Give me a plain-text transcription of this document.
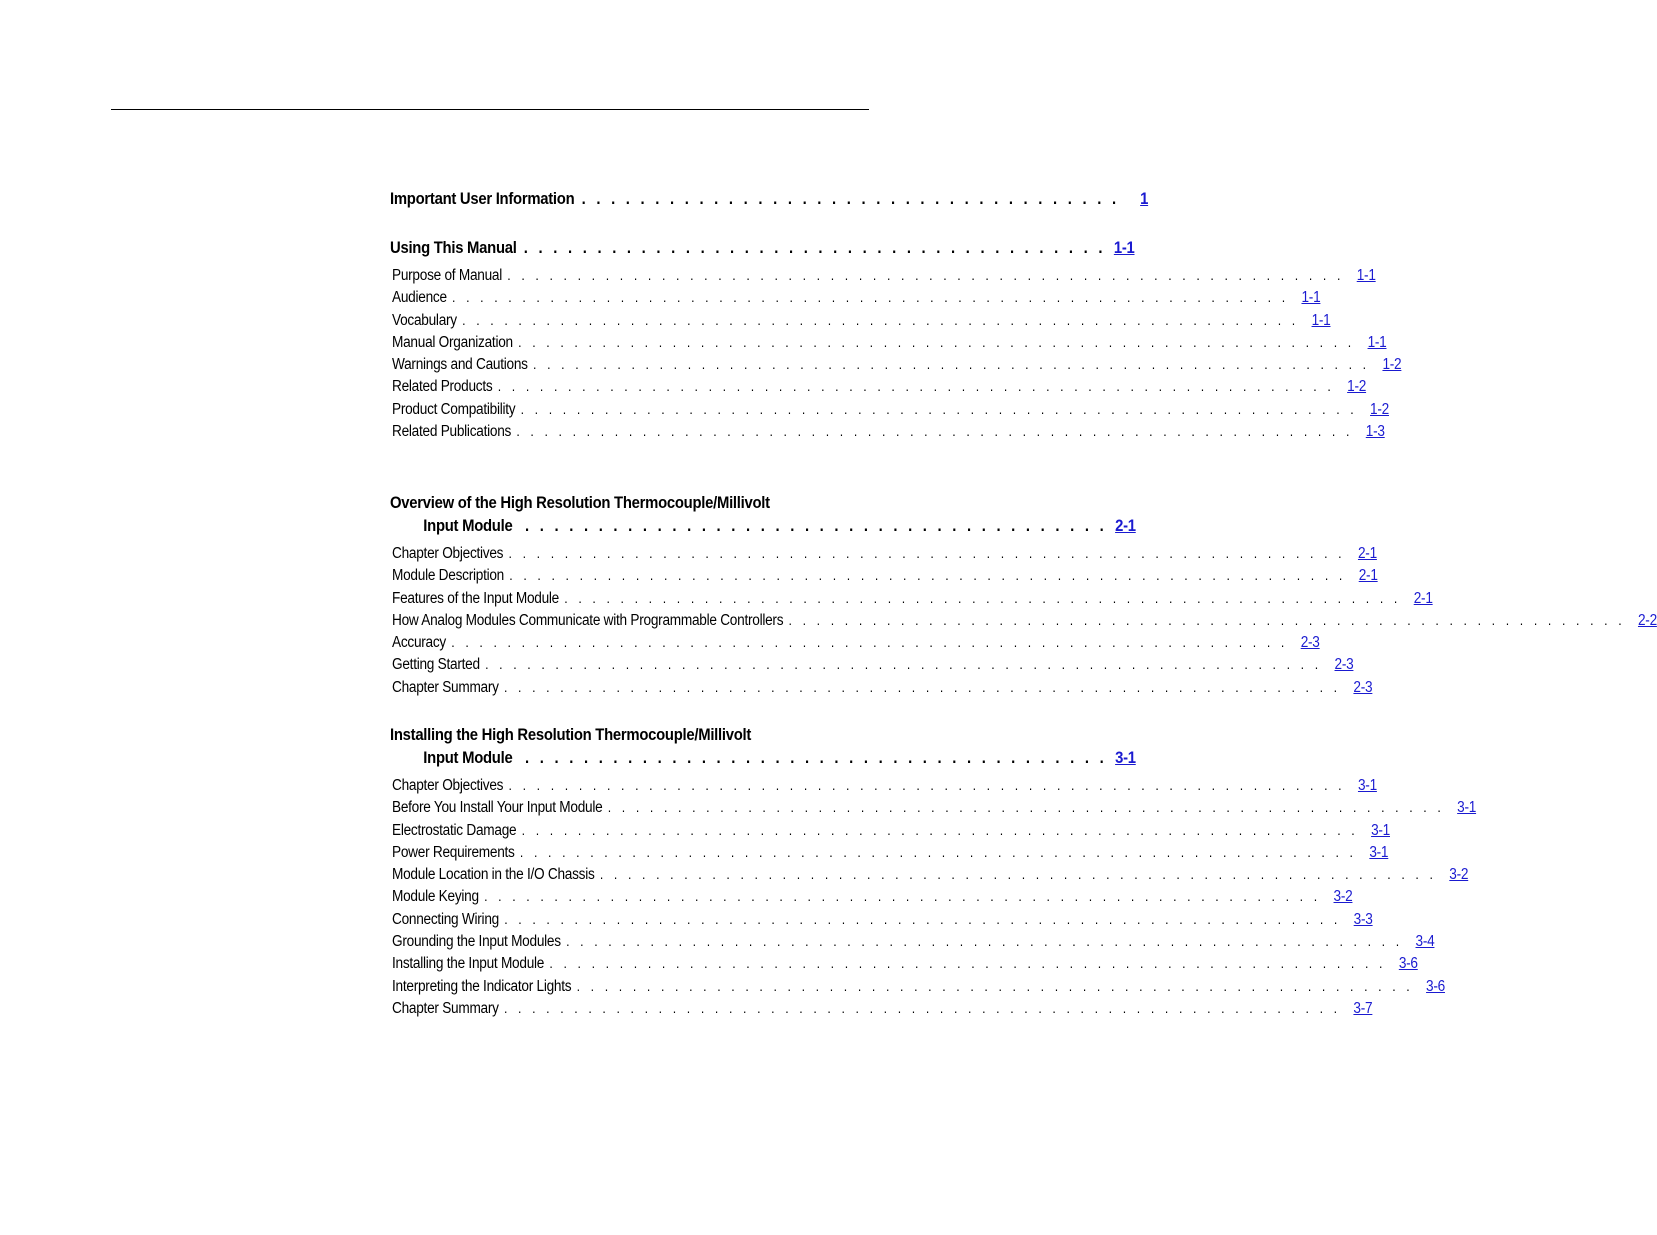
Important User Information . . . . . . . . . . . . . . . . . . . . . . . . . . . . . . . . . . . . .	1
Using This Manual . . . . . . . . . . . . . . . . . . . . . . . . . . . . . . . . . . . . . . . . 1-1
Purpose of Manual . . . . . . . . . . . . . . . . . . . . . . . . . . . . . . . . . . . . . . . . . . . . . . . . . . . . . . . . . . . . 1-1
Audience . . . . . . . . . . . . . . . . . . . . . . . . . . . . . . . . . . . . . . . . . . . . . . . . . . . . . . . . . . . . 1-1
Vocabulary . . . . . . . . . . . . . . . . . . . . . . . . . . . . . . . . . . . . . . . . . . . . . . . . . . . . . . . . . . . . 1-1
Manual Organization . . . . . . . . . . . . . . . . . . . . . . . . . . . . . . . . . . . . . . . . . . . . . . . . . . . . . . . . . . . . 1-1
Warnings and Cautions . . . . . . . . . . . . . . . . . . . . . . . . . . . . . . . . . . . . . . . . . . . . . . . . . . . . . . . . . . . . 1-2
Related Products . . . . . . . . . . . . . . . . . . . . . . . . . . . . . . . . . . . . . . . . . . . . . . . . . . . . . . . . . . . . 1-2
Product Compatibility . . . . . . . . . . . . . . . . . . . . . . . . . . . . . . . . . . . . . . . . . . . . . . . . . . . . . . . . . . . . 1-2
Related Publications . . . . . . . . . . . . . . . . . . . . . . . . . . . . . . . . . . . . . . . . . . . . . . . . . . . . . . . . . . . . 1-3
Overview of the High Resolution Thermocouple/Millivolt
Input Module . . . . . . . . . . . . . . . . . . . . . . . . . . . . . . . . . . . . . . . . 2-1
Chapter Objectives . . . . . . . . . . . . . . . . . . . . . . . . . . . . . . . . . . . . . . . . . . . . . . . . . . . . . . . . . . . . 2-1
Module Description . . . . . . . . . . . . . . . . . . . . . . . . . . . . . . . . . . . . . . . . . . . . . . . . . . . . . . . . . . . . 2-1
Features of the Input Module . . . . . . . . . . . . . . . . . . . . . . . . . . . . . . . . . . . . . . . . . . . . . . . . . . . . . . . . . . . . 2-1
How Analog Modules Communicate with Programmable Controllers . . . . . . . . . . . . . . . . . . . . . . . . . . . . . . . . . . . . . . . . . . . . . . . . . . . . . . . . . . . . 2-2
Accuracy . . . . . . . . . . . . . . . . . . . . . . . . . . . . . . . . . . . . . . . . . . . . . . . . . . . . . . . . . . . . 2-3
Getting Started . . . . . . . . . . . . . . . . . . . . . . . . . . . . . . . . . . . . . . . . . . . . . . . . . . . . . . . . . . . . 2-3
Chapter Summary . . . . . . . . . . . . . . . . . . . . . . . . . . . . . . . . . . . . . . . . . . . . . . . . . . . . . . . . . . . . 2-3
Installing the High Resolution Thermocouple/Millivolt
Input Module . . . . . . . . . . . . . . . . . . . . . . . . . . . . . . . . . . . . . . . . 3-1
Chapter Objectives . . . . . . . . . . . . . . . . . . . . . . . . . . . . . . . . . . . . . . . . . . . . . . . . . . . . . . . . . . . . 3-1
Before You Install Your Input Module . . . . . . . . . . . . . . . . . . . . . . . . . . . . . . . . . . . . . . . . . . . . . . . . . . . . . . . . . . . . 3-1
Electrostatic Damage . . . . . . . . . . . . . . . . . . . . . . . . . . . . . . . . . . . . . . . . . . . . . . . . . . . . . . . . . . . . 3-1
Power Requirements . . . . . . . . . . . . . . . . . . . . . . . . . . . . . . . . . . . . . . . . . . . . . . . . . . . . . . . . . . . . 3-1
Module Location in the I/O Chassis . . . . . . . . . . . . . . . . . . . . . . . . . . . . . . . . . . . . . . . . . . . . . . . . . . . . . . . . . . . . 3-2
Module Keying . . . . . . . . . . . . . . . . . . . . . . . . . . . . . . . . . . . . . . . . . . . . . . . . . . . . . . . . . . . . 3-2
Connecting Wiring . . . . . . . . . . . . . . . . . . . . . . . . . . . . . . . . . . . . . . . . . . . . . . . . . . . . . . . . . . . . 3-3
Grounding the Input Modules . . . . . . . . . . . . . . . . . . . . . . . . . . . . . . . . . . . . . . . . . . . . . . . . . . . . . . . . . . . . 3-4
Installing the Input Module . . . . . . . . . . . . . . . . . . . . . . . . . . . . . . . . . . . . . . . . . . . . . . . . . . . . . . . . . . . . 3-6
Interpreting the Indicator Lights . . . . . . . . . . . . . . . . . . . . . . . . . . . . . . . . . . . . . . . . . . . . . . . . . . . . . . . . . . . . 3-6
Chapter Summary . . . . . . . . . . . . . . . . . . . . . . . . . . . . . . . . . . . . . . . . . . . . . . . . . . . . . . . . . . . . 3-7
